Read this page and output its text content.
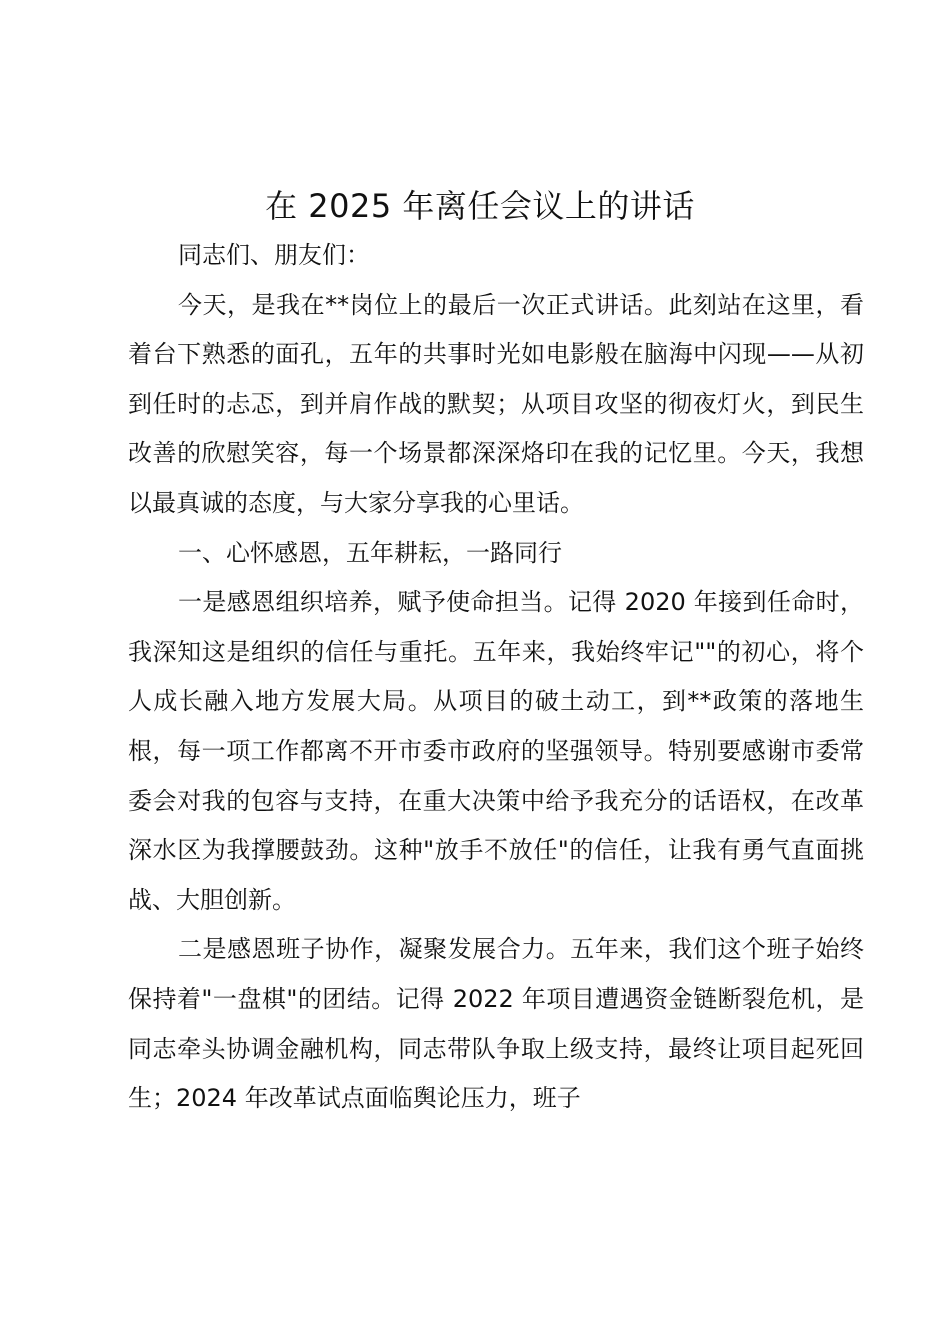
在 2025 年离任会议上的讲话

同志们、朋友们：

今天，是我在**岗位上的最后一次正式讲话。此刻站在这里，看着台下熟悉的面孔，五年的共事时光如电影般在脑海中闪现——从初到任时的忐忑，到并肩作战的默契；从项目攻坚的彻夜灯火，到民生改善的欣慰笑容，每一个场景都深深烙印在我的记忆里。今天，我想以最真诚的态度，与大家分享我的心里话。

一、心怀感恩，五年耕耘，一路同行

一是感恩组织培养，赋予使命担当。记得 2020 年接到任命时，我深知这是组织的信任与重托。五年来，我始终牢记""的初心，将个人成长融入地方发展大局。从项目的破土动工，到**政策的落地生根，每一项工作都离不开市委市政府的坚强领导。特别要感谢市委常委会对我的包容与支持，在重大决策中给予我充分的话语权，在改革深水区为我撑腰鼓劲。这种"放手不放任"的信任，让我有勇气直面挑战、大胆创新。

二是感恩班子协作，凝聚发展合力。五年来，我们这个班子始终保持着"一盘棋"的团结。记得 2022 年项目遭遇资金链断裂危机，是同志牵头协调金融机构，同志带队争取上级支持，最终让项目起死回生；2024 年改革试点面临舆论压力，班子
